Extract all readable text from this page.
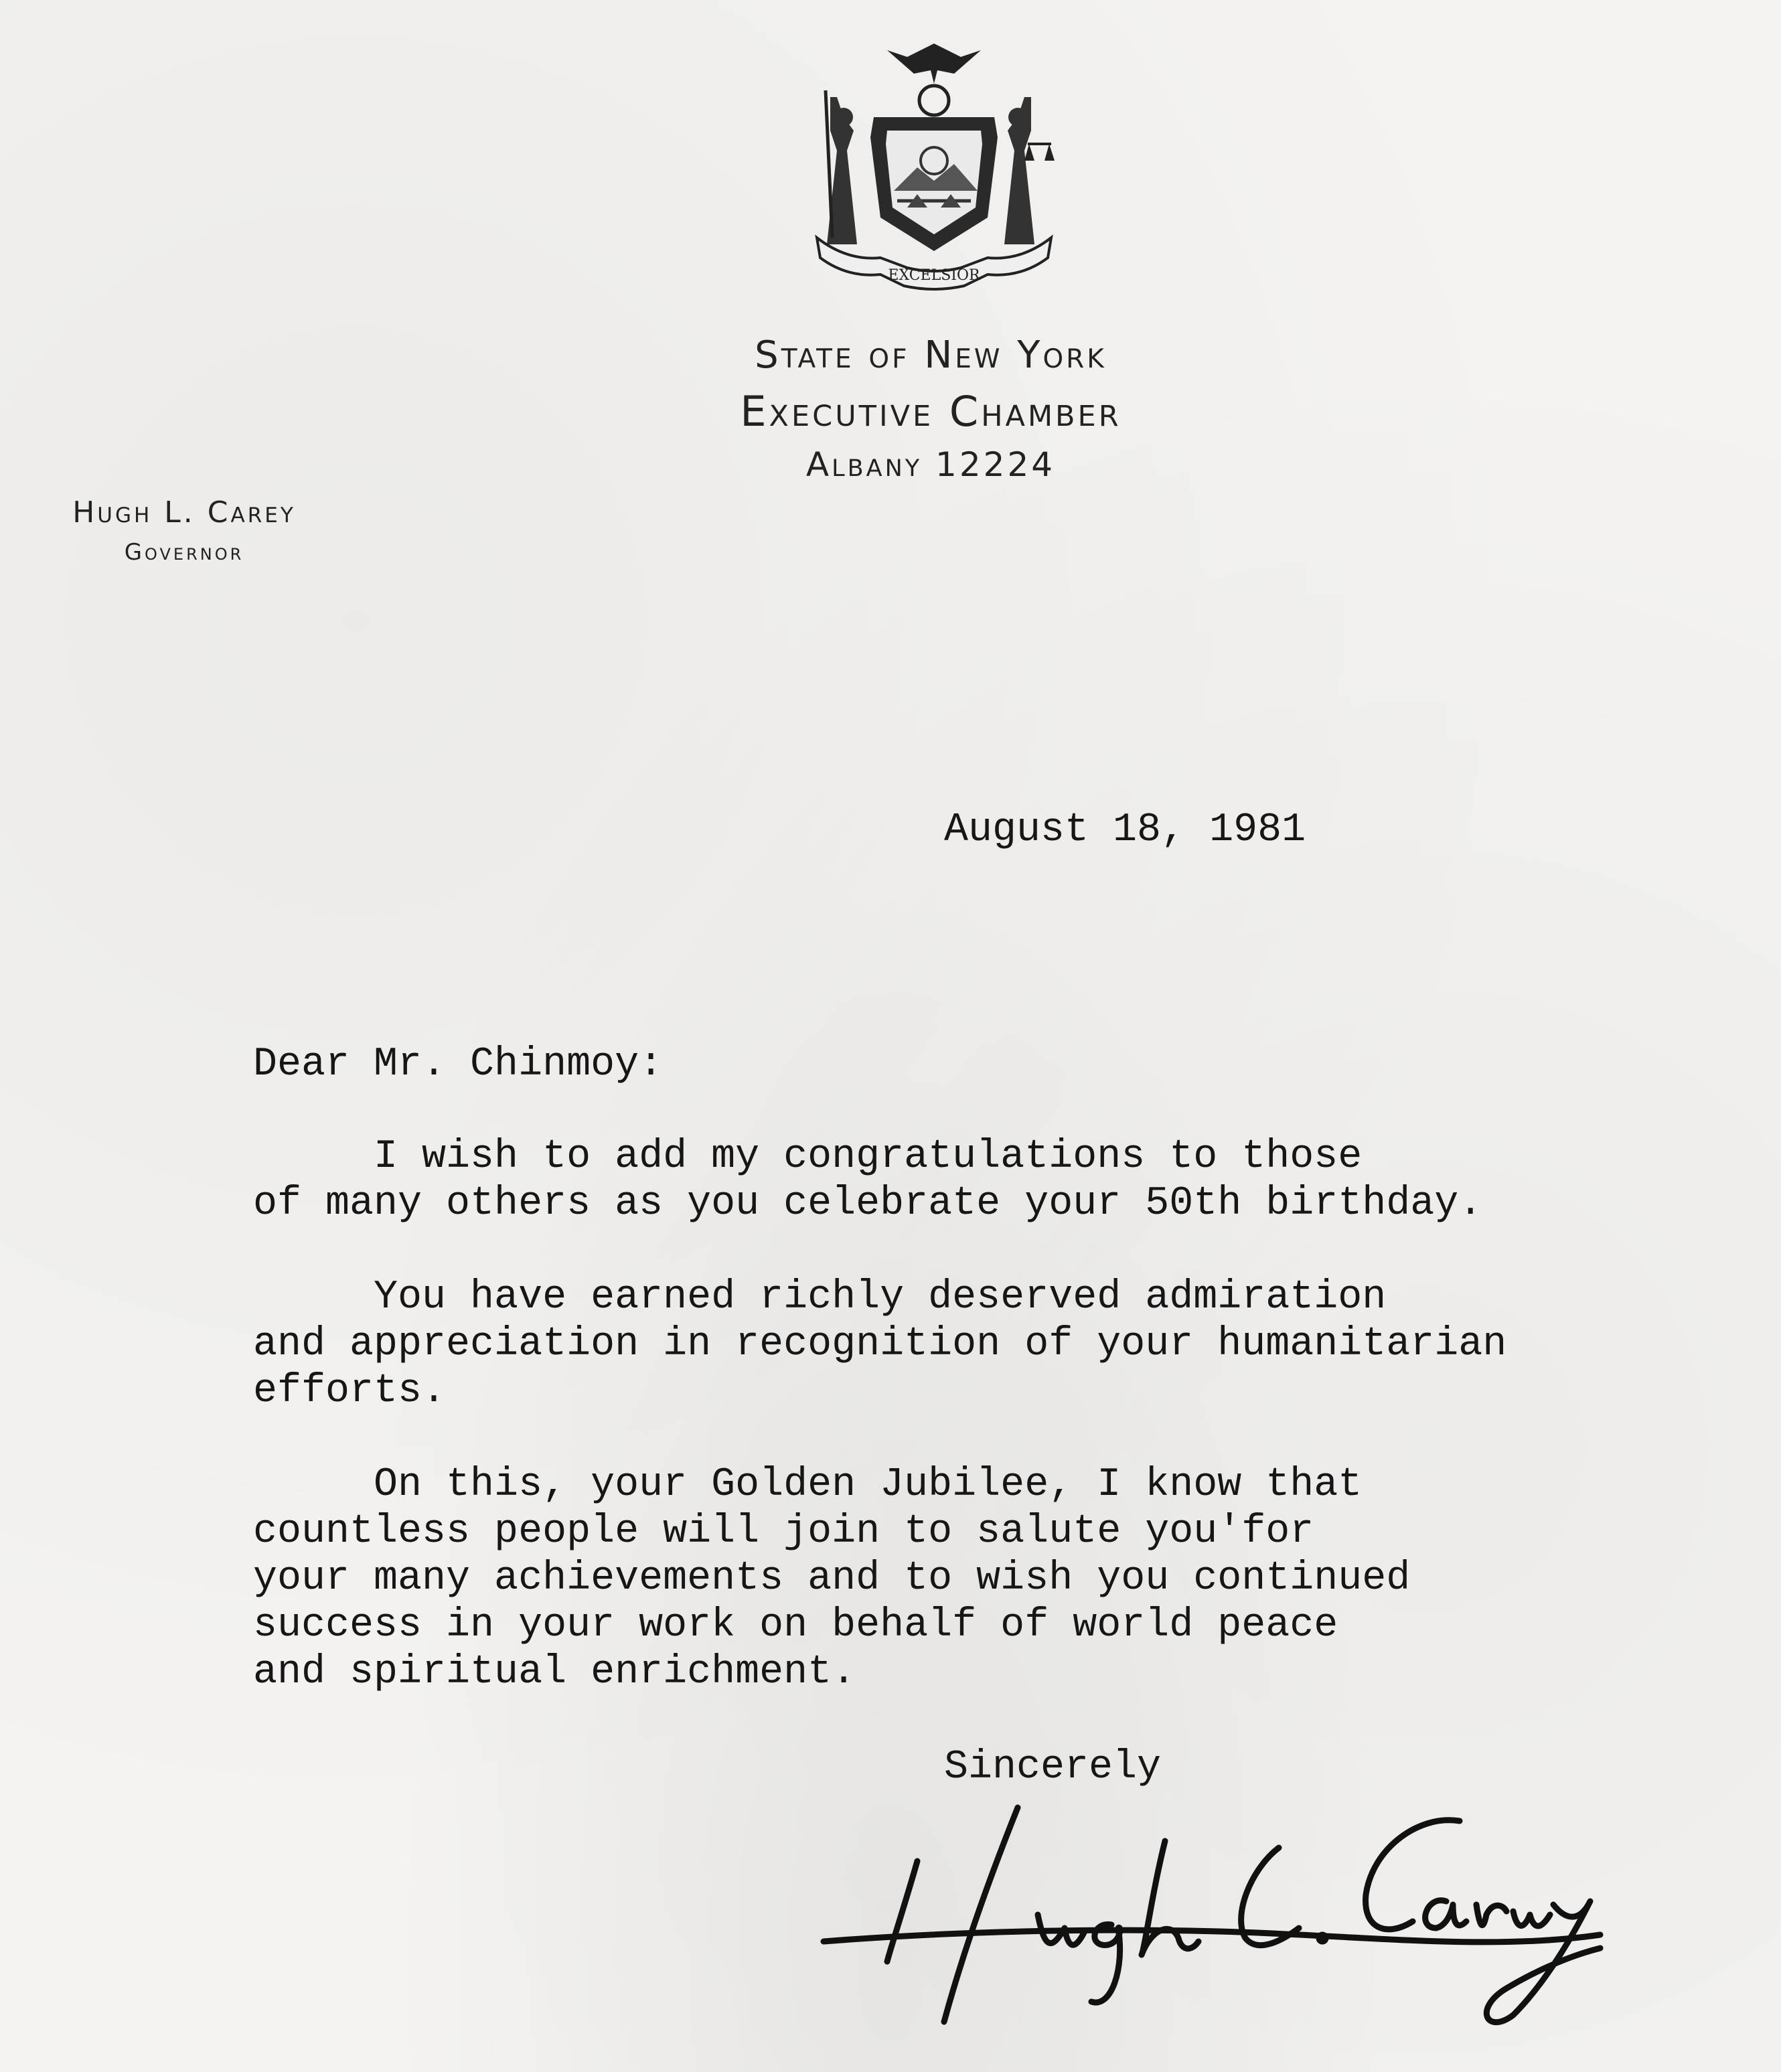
EXCELSIOR
State of New York
Executive Chamber
Albany 12224
Hugh L. Carey
Governor
August 18, 1981
Dear Mr. Chinmoy:
I wish to add my congratulations to those
of many others as you celebrate your 50th birthday.
You have earned richly deserved admiration
and appreciation in recognition of your humanitarian
efforts.
On this, your Golden Jubilee, I know that
countless people will join to salute you'for
your many achievements and to wish you continued
success in your work on behalf of world peace
and spiritual enrichment.
Sincerely
